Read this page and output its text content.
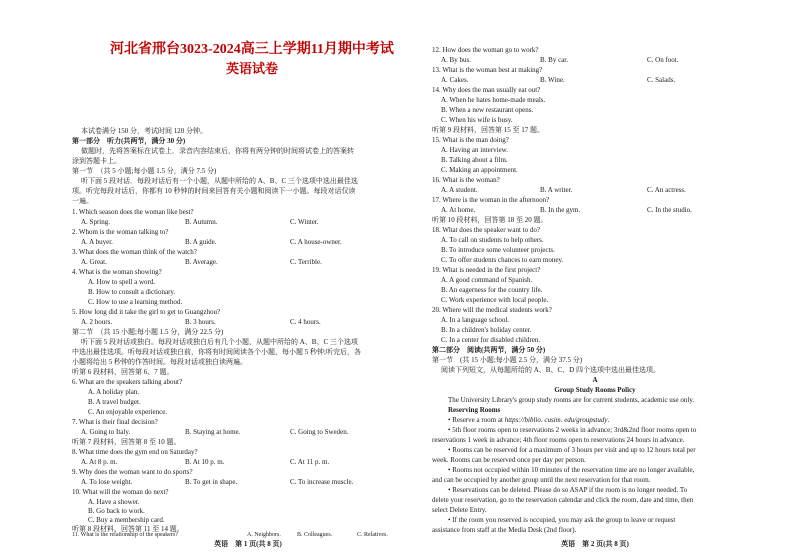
河北省邢台3023-2024高三上学期11月期中考试
英语试卷
本试卷满分 150 分，考试时间 120 分钟。
第一部分　听力(共两节，满分 30 分)
做题时，先将答案标在试卷上．录音内容结束后，你将有两分钟的时间将试卷上的答案转
涂到答题卡上。
第一节　（共 5 小题;每小题 1.5 分，满分 7.5 分)
听下面 5 段对话．每段对话后有一个小题，从题中所给的 A、B、C 三个选项中选出最佳选
项。听完每段对话后，你都有 10 秒钟的时间来回答有关小题和阅读下一小题。每段对话仅读
一遍。
1. Which season does the woman like best?
A. Spring.	B. Autumn.	C. Winter.
2. Whom is the woman talking to?
A. A buyer.	B. A guide.	C. A house-owner.
3. What does the woman think of the watch?
A. Great.	B. Average.	C. Terrible.
4. What is the woman showing?
A. How to spell a word.
B. How to consult a dictionary.
C. How to use a learning method.
5. How long did it take the girl to get to Guangzhou?
A. 2 hours.	B. 3 hours.	C. 4 hours.
第二节　（共 15 小题;每小题 1.5 分，满分 22.5 分)
听下面 5 段对话或独白。每段对话或独白后有几个小题，从题中所给的 A、B、C 三个选项
中选出最佳选项。听每段对话或独白前，你将有时间阅读各个小题，每小题 5 秒钟;听完后，各
小题将给出 5 秒钟的作答时间。每段对话或独白读两遍。
听第 6 段材料，回答第 6、7 题。
6. What are the speakers talking about?
A. A holiday plan.
B. A travel budget.
C. An enjoyable experience.
7. What is their final decision?
A. Going to Italy.	B. Staying at home.	C. Going to Sweden.
听第 7 段材料，回答第 8 至 10 题。
8. What time does the gym end on Saturday?
A. At 8 p. m.	B. At 10 p. m.	C. At 11 p. m.
9. Why does the woman want to do sports?
A. To lose weight.	B. To get in shape.	C. To increase muscle.
10. What will the woman do next?
A. Have a shower.
B. Go back to work.
C. Buy a membership card.
英语　第 1 页(共 8 页)
12. How does the woman go to work?
A. By bus.	B. By car.	C. On foot.
13. What is the woman best at making?
A. Cakes.	B. Wine.	C. Salads.
14. Why does the man usually eat out?
A. When he hates home-made meals.
B. When a new restaurant opens.
C. When his wife is busy.
听第 9 段材料，回答第 15 至 17 题。
15. What is the man doing?
A. Having an interview.
B. Talking about a film.
C. Making an appointment.
16. What is the woman?
A. A student.	B. A writer.	C. An actress.
17. Where is the woman in the afternoon?
A. At home.	B. In the gym.	C. In the studio.
听第 10 段材料，回答第 18 至 20 题。
18. What does the speaker want to do?
A. To call on students to help others.
B. To introduce some volunteer projects.
C. To offer students chances to earn money.
19. What is needed in the first project?
A. A good command of Spanish.
B. An eagerness for the country life.
C. Work experience with local people.
20. Where will the medical students work?
A. In a language school.
B. In a children's holiday center.
C. In a center for disabled children.
第二部分　阅读(共两节，满分 50 分)
第一节　(共 15 小题;每小题 2.5 分，满分 37.5 分)
阅读下列短文，从每题所给的 A、B、C、D 四个选项中选出最佳选项。
A
Group Study Rooms Policy
The University Library's group study rooms are for current students, academic use only.
Reserving Rooms
• Reserve a room at https://biblio. cusim. edu/groupstudy.
• 5th floor rooms open to reservations 2 weeks in advance; 3rd&2nd floor rooms open to
reservations 1 week in advance; 4th floor rooms open to reservations 24 hours in advance.
• Rooms can be reserved for a maximum of 3 hours per visit and up to 12 hours total per
week. Rooms can be reserved once per day per person.
• Rooms not occupied within 10 minutes of the reservation time are no longer available,
and can be occupied by another group until the next reservation for that room.
• Reservations can be deleted. Please do so ASAP if the room is no longer needed. To
delete your reservation, go to the reservation calendar and click the room, date and time, then
select Delete Entry.
• If the room you reserved is occupied, you may ask the group to leave or request
assistance from staff at the Media Desk (2nd floor).
听第 8 段材料，回答第 11 至 14 题。
英语　第 2 页(共 8 页)
11. What is the relationship of the speakers?	A. Neighbors.	B. Colleagues.	C. Relatives.
